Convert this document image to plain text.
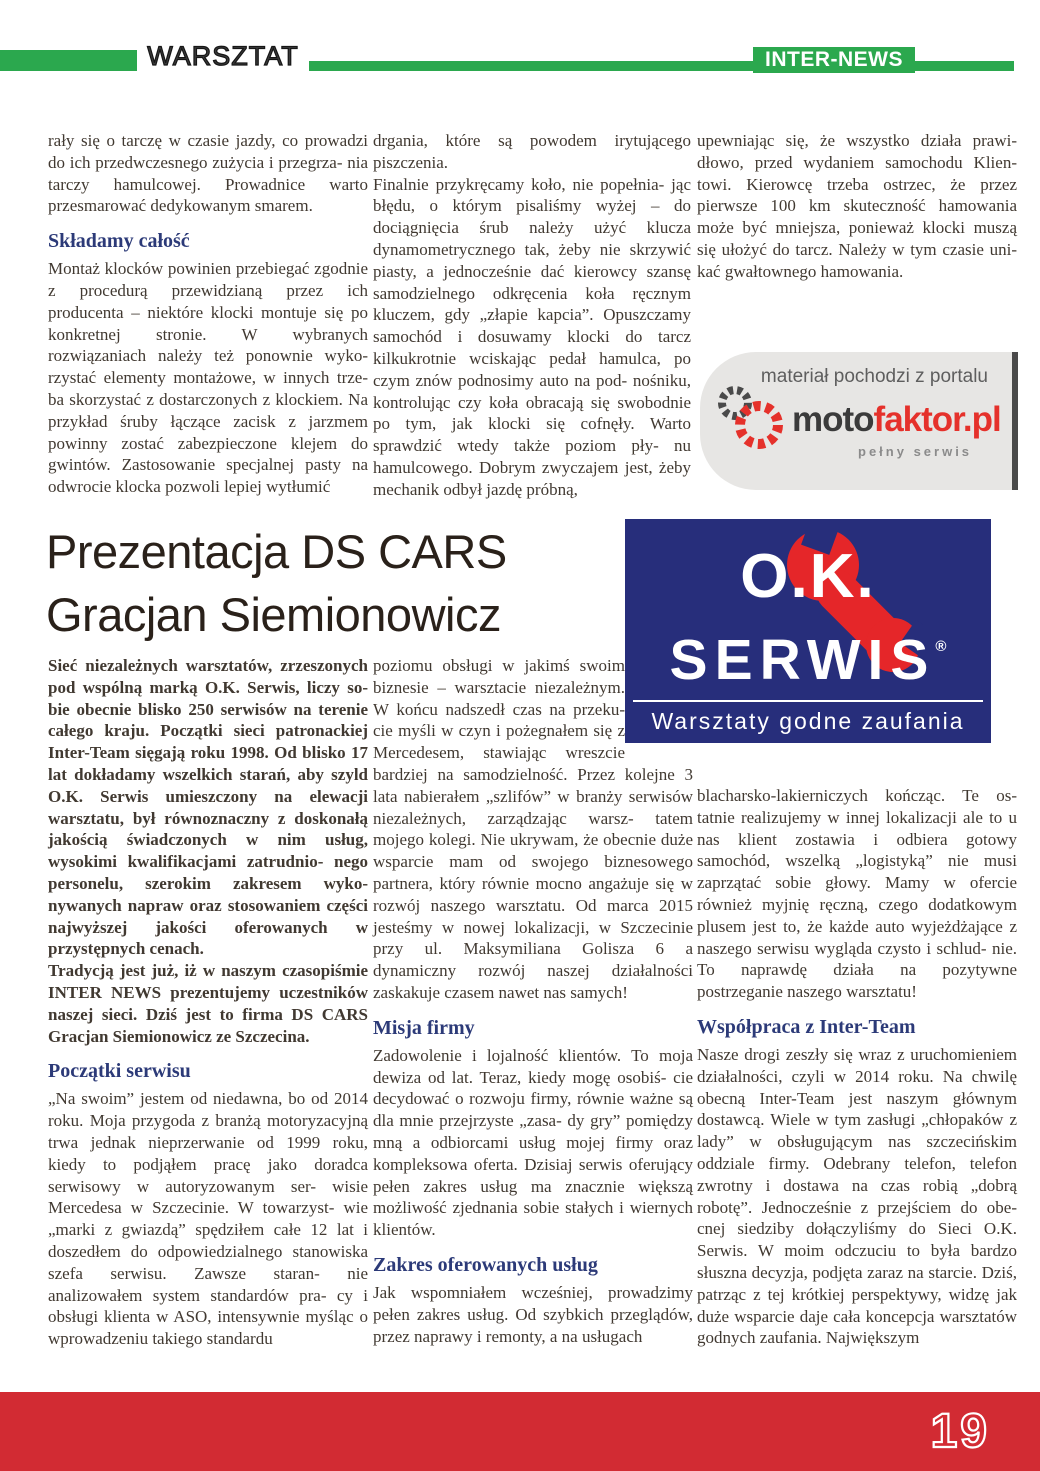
WARSZTAT	INTER-NEWS

rały się o tarczę w czasie jazdy, co prowadzi do ich przedwczesnego zużycia i przegrza- nia tarczy hamulcowej. Prowadnice warto przesmarować dedykowanym smarem.

Składamy całość

Montaż klocków powinien przebiegać zgodnie z procedurą przewidzianą przez ich producenta – niektóre klocki montuje się po konkretnej stronie. W wybranych rozwiązaniach należy też ponownie wyko- rzystać elementy montażowe, w innych trze- ba skorzystać z dostarczonych z klockiem. Na przykład śruby łączące zacisk z jarzmem powinny zostać zabezpieczone klejem do gwintów. Zastosowanie specjalnej pasty na odwrocie klocka pozwoli lepiej wytłumić

drgania, które są powodem irytującego piszczenia.

Finalnie przykręcamy koło, nie popełnia- jąc błędu, o którym pisaliśmy wyżej – do dociągnięcia śrub należy użyć klucza dynamometrycznego tak, żeby nie skrzywić piasty, a jednocześnie dać kierowcy szansę samodzielnego odkręcenia koła ręcznym kluczem, gdy „złapie kapcia”. Opuszczamy samochód i dosuwamy klocki do tarcz kilkukrotnie wciskając pedał hamulca, po czym znów podnosimy auto na pod- nośniku, kontrolując czy koła obracają się swobodnie po tym, jak klocki się cofnęły. Warto sprawdzić wtedy także poziom pły- nu hamulcowego. Dobrym zwyczajem jest, żeby mechanik odbył jazdę próbną,

upewniając się, że wszystko działa prawi- dłowo, przed wydaniem samochodu Klien- towi. Kierowcę trzeba ostrzec, że przez pierwsze 100 km skuteczność hamowania może być mniejsza, ponieważ klocki muszą się ułożyć do tarcz. Należy w tym czasie uni- kać gwałtownego hamowania.

materiał pochodzi z portalu
motofaktor.pl
pełny serwis
Prezentacja DS CARS
Gracjan Siemionowicz
O.K.
SERWIS®
Warsztaty godne zaufania

Sieć niezależnych warsztatów, zrzeszonych pod wspólną marką O.K. Serwis, liczy so- bie obecnie blisko 250 serwisów na terenie całego kraju. Początki sieci patronackiej Inter-Team sięgają roku 1998. Od blisko 17 lat dokładamy wszelkich starań, aby szyld O.K. Serwis umieszczony na elewacji warsztatu, był równoznaczny z doskonałą jakością świadczonych w nim usług, wysokimi kwalifikacjami zatrudnio- nego personelu, szerokim zakresem wyko- nywanych napraw oraz stosowaniem części najwyższej jakości oferowanych w przystępnych cenach.

Tradycją jest już, iż w naszym czasopiśmie INTER NEWS prezentujemy uczestników naszej sieci. Dziś jest to firma DS CARS Gracjan Siemionowicz ze Szczecina.

Początki serwisu

„Na swoim” jestem od niedawna, bo od 2014 roku. Moja przygoda z branżą motoryzacyjną trwa jednak nieprzerwanie od 1999 roku, kiedy to podjąłem pracę jako doradca serwisowy w autoryzowanym ser- wisie Mercedesa w Szczecinie. W towarzyst- wie „marki z gwiazdą” spędziłem całe 12 lat i doszedłem do odpowiedzialnego stanowiska szefa serwisu. Zawsze staran- nie analizowałem system standardów pra- cy i obsługi klienta w ASO, intensywnie myśląc o wprowadzeniu takiego standardu

poziomu obsługi w jakimś swoim biznesie – warsztacie niezależnym. W końcu nadszedł czas na przeku- cie myśli w czyn i pożegnałem się z Mercedesem, stawiając wreszcie bardziej na samodzielność. Przez kolejne 3 lata nabierałem „szlifów” w branży serwisów niezależnych, zarządzając warsz- tatem mojego kolegi. Nie ukrywam, że obecnie duże wsparcie mam od swojego biznesowego partnera, który równie mocno angażuje się w rozwój naszego warsztatu. Od marca 2015 jesteśmy w nowej lokalizacji, w Szczecinie przy ul. Maksymiliana Golisza 6 a dynamiczny rozwój naszej działalności zaskakuje czasem nawet nas samych!

Misja firmy

Zadowolenie i lojalność klientów. To moja dewiza od lat. Teraz, kiedy mogę osobiś- cie decydować o rozwoju firmy, równie ważne są dla mnie przejrzyste „zasa- dy gry” pomiędzy mną a odbiorcami usług mojej firmy oraz kompleksowa oferta. Dzisiaj serwis oferujący pełen zakres usług ma znacznie większą możliwość zjednania sobie stałych i wiernych klientów.

Zakres oferowanych usług

Jak wspomniałem wcześniej, prowadzimy pełen zakres usług. Od szybkich przeglądów, przez naprawy i remonty, a na usługach

blacharsko-lakierniczych kończąc. Te os- tatnie realizujemy w innej lokalizacji ale to u nas klient zostawia i odbiera gotowy samochód, wszelką „logistyką” nie musi zaprzątać sobie głowy. Mamy w ofercie również myjnię ręczną, czego dodatkowym plusem jest to, że każde auto wyjeżdżające z naszego serwisu wygląda czysto i schlud- nie. To naprawdę działa na pozytywne postrzeganie naszego warsztatu!

Współpraca z Inter-Team

Nasze drogi zeszły się wraz z uruchomieniem działalności, czyli w 2014 roku. Na chwilę obecną Inter-Team jest naszym głównym dostawcą. Wiele w tym zasługi „chłopaków z lady” w obsługującym nas szczecińskim oddziale firmy. Odebrany telefon, telefon zwrotny i dostawa na czas robią „dobrą robotę”. Jednocześnie z przejściem do obe- cnej siedziby dołączyliśmy do Sieci O.K. Serwis. W moim odczuciu to była bardzo słuszna decyzja, podjęta zaraz na starcie. Dziś, patrząc z tej krótkiej perspektywy, widzę jak duże wsparcie daje cała koncepcja warsztatów godnych zaufania. Największym

19
